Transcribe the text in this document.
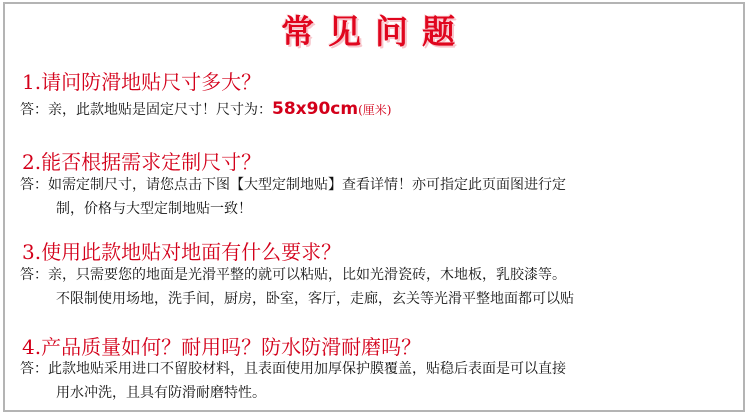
常见问题
1.请问防滑地贴尺寸多大？
答：亲，此款地贴是固定尺寸！尺寸为：58x90cm(厘米)
2.能否根据需求定制尺寸？
答：如需定制尺寸，请您点击下图【大型定制地贴】查看详情！亦可指定此页面图进行定
制，价格与大型定制地贴一致！
3.使用此款地贴对地面有什么要求？
答：亲，只需要您的地面是光滑平整的就可以粘贴，比如光滑瓷砖，木地板，乳胶漆等。
不限制使用场地，洗手间，厨房，卧室，客厅，走廊，玄关等光滑平整地面都可以贴
4.产品质量如何？耐用吗？防水防滑耐磨吗？
答：此款地贴采用进口不留胶材料，且表面使用加厚保护膜覆盖，贴稳后表面是可以直接
用水冲洗，且具有防滑耐磨特性。
